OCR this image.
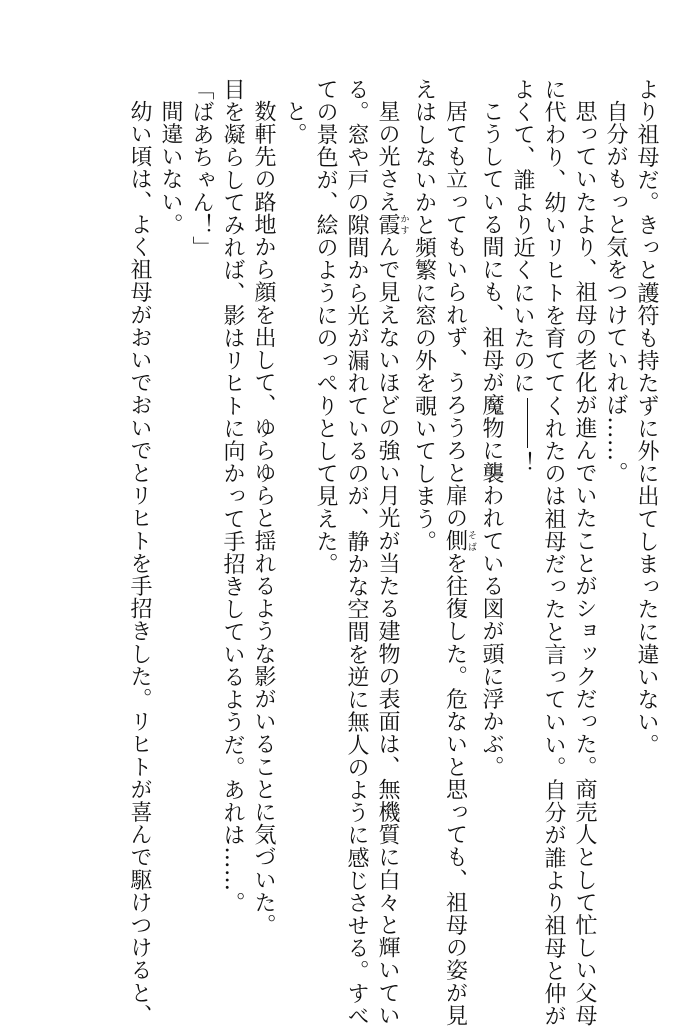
より祖母だ。きっと護符も持たずに外に出てしまったに違いない。
自分がもっと気をつけていれば……。
思っていたより、祖母の老化が進んでいたことがショックだった。商売人として忙しい父母
に代わり、幼いリヒトを育ててくれたのは祖母だったと言っていい。自分が誰より祖母と仲が
よくて、誰より近くにいたのに！
こうしている間にも、祖母が魔物に襲われている図が頭に浮かぶ。
居ても立ってもいられず、うろうろと扉の側そばを往復した。危ないと思っても、祖母の姿が見
えはしないかと頻繁に窓の外を覗いてしまう。
星の光さえ霞かすんで見えないほどの強い月光が当たる建物の表面は、無機質に白々と輝いてい
る。窓や戸の隙間から光が漏れているのが、静かな空間を逆に無人のように感じさせる。すべ
ての景色が、絵のようにのっぺりとして見えた。
と。
数軒先の路地から顔を出して、ゆらゆらと揺れるような影がいることに気づいた。
目を凝らしてみれば、影はリヒトに向かって手招きしているようだ。あれは……。
「ばあちゃん！」
間違いない。
幼い頃は、よく祖母がおいでおいでとリヒトを手招きした。リヒトが喜んで駆けつけると、
